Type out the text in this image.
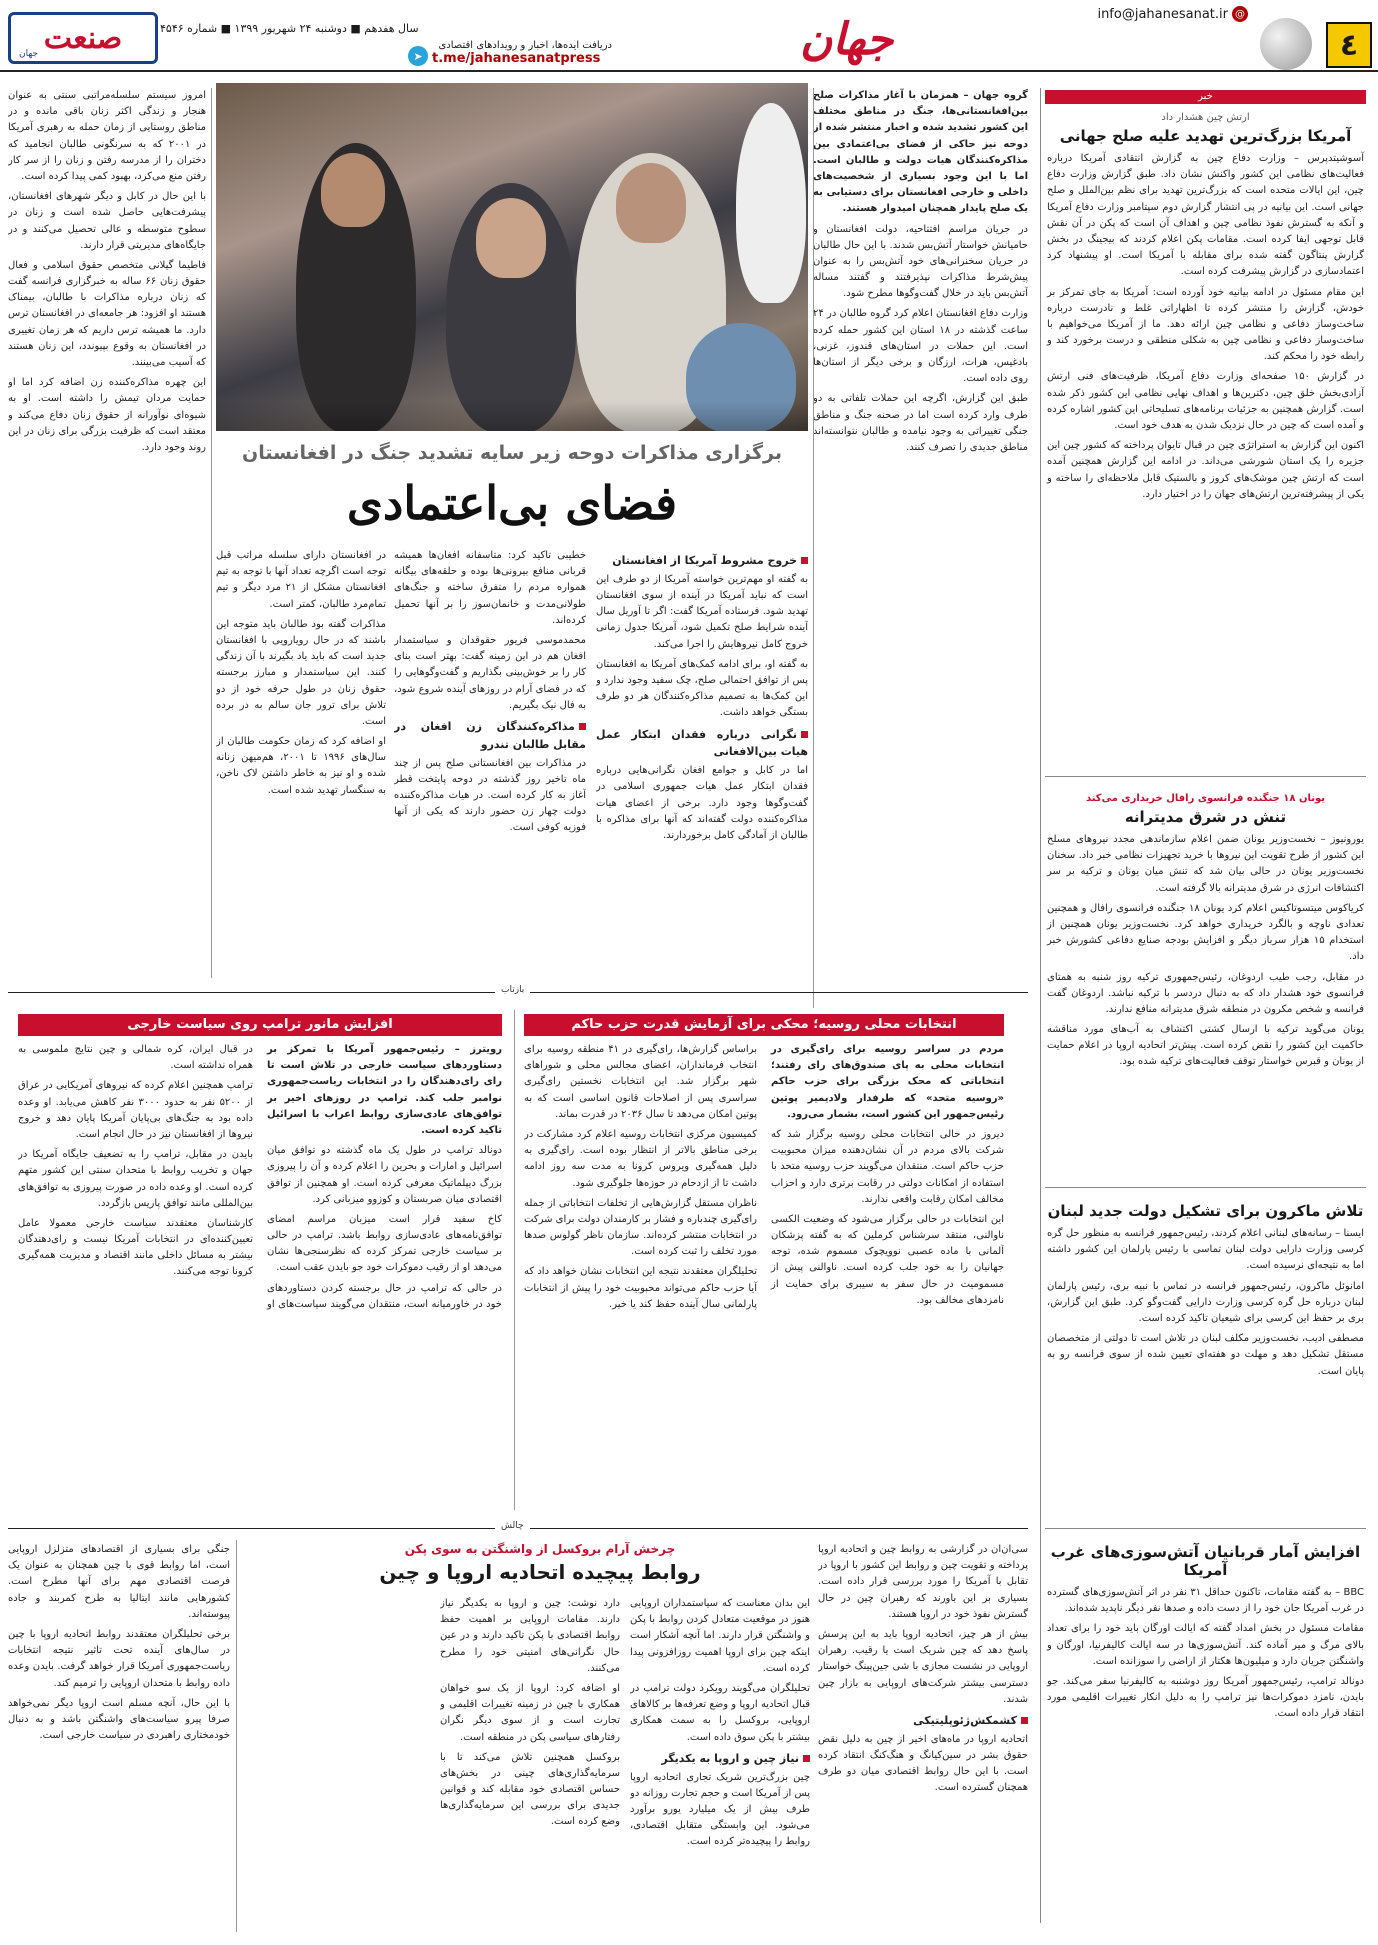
٤
info@jahanesanat.ir @
جهان
➤
دریافت ایده‌ها، اخبار و رویدادهای اقتصادی
t.me/jahanesanatpress
سال هفدهم ■ دوشنبه ۲۴ شهریور ۱۳۹۹ ■ شماره ۴۵۴۶
صنعت
جهان
خبر
ارتش چین هشدار داد
آمریکا بزرگ‌ترین تهدید علیه صلح جهانی

آسوشیتدپرس – وزارت دفاع چین به گزارش انتقادی آمریکا درباره فعالیت‌های نظامی این کشور واکنش نشان داد. طبق گزارش وزارت دفاع چین، این ایالات متحده است که بزرگ‌ترین تهدید برای نظم بین‌الملل و صلح جهانی است. این بیانیه در پی انتشار گزارش دوم سپتامبر وزارت دفاع آمریکا و آنکه به گسترش نفوذ نظامی چین و اهداف آن است که پکن در آن نقش قابل توجهی ایفا کرده است. مقامات پکن اعلام کردند که بیجینگ در بخش گزارش پنتاگون گفته شده برای مقابله با آمریکا است. او پیشنهاد کرد اعتمادسازی در گزارش پیشرفت کرده است.

این مقام مسئول در ادامه بیانیه خود آورده است: آمریکا به جای تمرکز بر خودش، گزارش را منتشر کرده تا اظهاراتی غلط و نادرست درباره ساخت‌وساز دفاعی و نظامی چین ارائه دهد. ما از آمریکا می‌خواهیم با ساخت‌وساز دفاعی و نظامی چین به شکلی منطقی و درست برخورد کند و رابطه خود را محکم کند.

در گزارش ۱۵۰ صفحه‌ای وزارت دفاع آمریکا، ظرفیت‌های فنی ارتش آزادی‌بخش خلق چین، دکترین‌ها و اهداف نهایی نظامی این کشور ذکر شده است. گزارش همچنین به جزئیات برنامه‌های تسلیحاتی این کشور اشاره کرده و آمده است که چین در حال نزدیک شدن به هدف خود است.

اکنون این گزارش به استراتژی چین در قبال تایوان پرداخته که کشور چین این جزیره را یک استان شورشی می‌داند. در ادامه این گزارش همچنین آمده است که ارتش چین موشک‌های کروز و بالستیک قابل ملاحظه‌ای را ساخته و یکی از پیشرفته‌ترین ارتش‌های جهان را در اختیار دارد.

یونان ۱۸ جنگنده فرانسوی رافال خریداری می‌کند
تنش در شرق مدیترانه

یورونیوز – نخست‌وزیر یونان ضمن اعلام سازماندهی مجدد نیروهای مسلح این کشور از طرح تقویت این نیروها با خرید تجهیزات نظامی خبر داد. سخنان نخست‌وزیر یونان در حالی بیان شد که تنش میان یونان و ترکیه بر سر اکتشافات انرژی در شرق مدیترانه بالا گرفته است.

کریاکوس میتسوتاکیس اعلام کرد یونان ۱۸ جنگنده فرانسوی رافال و همچنین تعدادی ناوچه و بالگرد خریداری خواهد کرد. نخست‌وزیر یونان همچنین از استخدام ۱۵ هزار سرباز دیگر و افزایش بودجه صنایع دفاعی کشورش خبر داد.

در مقابل، رجب طیب اردوغان، رئیس‌جمهوری ترکیه روز شنبه به همتای فرانسوی خود هشدار داد که به دنبال دردسر با ترکیه نباشد. اردوغان گفت فرانسه و شخص مکرون در منطقه شرق مدیترانه منافع ندارند.

یونان می‌گوید ترکیه با ارسال کشتی اکتشاف به آب‌های مورد مناقشه حاکمیت این کشور را نقض کرده است. پیش‌تر اتحادیه اروپا در اعلام حمایت از یونان و قبرس خواستار توقف فعالیت‌های ترکیه شده بود.

تلاش ماکرون برای تشکیل دولت جدید لبنان

ایسنا – رسانه‌های لبنانی اعلام کردند، رئیس‌جمهور فرانسه به منظور حل گره کرسی وزارت دارایی دولت لبنان تماسی با رئیس پارلمان این کشور داشته اما به نتیجه‌ای نرسیده است.

امانوئل ماکرون، رئیس‌جمهور فرانسه در تماس با نبیه بری، رئیس پارلمان لبنان درباره حل گره کرسی وزارت دارایی گفت‌وگو کرد. طبق این گزارش، بری بر حفظ این کرسی برای شیعیان تاکید کرده است.

مصطفی ادیب، نخست‌وزیر مکلف لبنان در تلاش است تا دولتی از متخصصان مستقل تشکیل دهد و مهلت دو هفته‌ای تعیین شده از سوی فرانسه رو به پایان است.

افزایش آمار قربانیان آتش‌سوزی‌های غرب آمریکا

BBC – به گفته مقامات، تاکنون حداقل ۳۱ نفر در اثر آتش‌سوزی‌های گسترده در غرب آمریکا جان خود را از دست داده و صدها نفر دیگر ناپدید شده‌اند.

مقامات مسئول در بخش امداد گفته که ایالت اورگان باید خود را برای تعداد بالای مرگ و میر آماده کند. آتش‌سوزی‌ها در سه ایالت کالیفرنیا، اورگان و واشنگتن جریان دارد و میلیون‌ها هکتار از اراضی را سوزانده است.

دونالد ترامپ، رئیس‌جمهور آمریکا روز دوشنبه به کالیفرنیا سفر می‌کند. جو بایدن، نامزد دموکرات‌ها نیز ترامپ را به دلیل انکار تغییرات اقلیمی مورد انتقاد قرار داده است.

گروه جهان – همزمان با آغاز مذاکرات صلح بین‌افغانستانی‌ها، جنگ در مناطق مختلف این کشور تشدید شده و اخبار منتشر شده از دوحه نیز حاکی از فضای بی‌اعتمادی بین مذاکره‌کنندگان هیات دولت و طالبان است. اما با این وجود بسیاری از شخصیت‌های داخلی و خارجی افغانستان برای دستیابی به یک صلح پایدار همچنان امیدوار هستند.

در جریان مراسم افتتاحیه، دولت افغانستان و حامیانش خواستار آتش‌بس شدند. با این حال طالبان در جریان سخنرانی‌های خود آتش‌بس را به عنوان پیش‌شرط مذاکرات نپذیرفتند و گفتند مساله آتش‌بس باید در خلال گفت‌وگوها مطرح شود.

وزارت دفاع افغانستان اعلام کرد گروه طالبان در ۲۴ ساعت گذشته در ۱۸ استان این کشور حمله کرده است. این حملات در استان‌های قندوز، غزنی، بادغیس، هرات، ارزگان و برخی دیگر از استان‌ها روی داده است.

طبق این گزارش، اگرچه این حملات تلفاتی به دو طرف وارد کرده است اما در صحنه جنگ و مناطق جنگی تغییراتی به وجود نیامده و طالبان نتوانسته‌اند مناطق جدیدی را تصرف کنند.

برگزاری مذاکرات دوحه زیر سایه تشدید جنگ در افغانستان
فضای بی‌اعتمادی
خروج مشروط آمریکا از افغانستان

به گفته او مهم‌ترین خواسته آمریکا از دو طرف این است که نباید آمریکا در آینده از سوی افغانستان تهدید شود. فرستاده آمریکا گفت: اگر تا آوریل سال آینده شرایط صلح تکمیل شود، آمریکا جدول زمانی خروج کامل نیروهایش را اجرا می‌کند.

به گفته او، برای ادامه کمک‌های آمریکا به افغانستان پس از توافق احتمالی صلح، چک سفید وجود ندارد و این کمک‌ها به تصمیم مذاکره‌کنندگان هر دو طرف بستگی خواهد داشت.

نگرانی درباره فقدان ابتکار عمل هیات بین‌الافغانی

اما در کابل و جوامع افغان نگرانی‌هایی درباره فقدان ابتکار عمل هیات جمهوری اسلامی در گفت‌وگوها وجود دارد. برخی از اعضای هیات مذاکره‌کننده دولت گفته‌اند که آنها برای مذاکره با طالبان از آمادگی کامل برخوردارند.

خطیبی تاکید کرد: متاسفانه افغان‌ها همیشه قربانی منافع بیرونی‌ها بوده و حلقه‌های بیگانه همواره مردم را متفرق ساخته و جنگ‌های طولانی‌مدت و خانمان‌سوز را بر آنها تحمیل کرده‌اند.

محمدموسی فریور حقوقدان و سیاستمدار افغان هم در این زمینه گفت: بهتر است بنای کار را بر خوش‌بینی بگذاریم و گفت‌وگوهایی را که در فضای آرام در روزهای آینده شروع شود، به فال نیک بگیریم.

مذاکره‌کنندگان زن افغان در مقابل طالبان تندرو

در مذاکرات بین افغانستانی صلح پس از چند ماه تاخیر روز گذشته در دوحه پایتخت قطر آغاز به کار کرده است. در هیات مذاکره‌کننده دولت چهار زن حضور دارند که یکی از آنها فوزیه کوفی است.

در افغانستان دارای سلسله مراتب قبل توجه است اگرچه تعداد آنها با توجه به تیم افغانستان مشکل از ۲۱ مرد دیگر و تیم تمام‌مرد طالبان، کمتر است.

مذاکرات گفته بود طالبان باید متوجه این باشند که در حال رویارویی با افغانستان جدید است که باید یاد بگیرند با آن زندگی کنند. این سیاستمدار و مبارز برجسته حقوق زنان در طول حرفه خود از دو تلاش برای ترور جان سالم به در برده است.

او اضافه کرد که زمان حکومت طالبان از سال‌های ۱۹۹۶ تا ۲۰۰۱، هم‌میهن زنانه شده و او نیز به خاطر داشتن لاک ناخن، به سنگسار تهدید شده است.

امروز سیستم سلسله‌مراتبی سنتی به عنوان هنجار و زندگی اکثر زنان باقی مانده و در مناطق روستایی از زمان حمله به رهبری آمریکا در ۲۰۰۱ که به سرنگونی طالبان انجامید که دختران را از مدرسه رفتن و زنان را از سر کار رفتن منع می‌کرد، بهبود کمی پیدا کرده است.

با این حال در کابل و دیگر شهرهای افغانستان، پیشرفت‌هایی حاصل شده است و زنان در سطوح متوسطه و عالی تحصیل می‌کنند و در جایگاه‌های مدیریتی قرار دارند.

فاطیما گیلانی متخصص حقوق اسلامی و فعال حقوق زنان ۶۶ ساله به خبرگزاری فرانسه گفت که زنان درباره مذاکرات با طالبان، بیمناک هستند او افزود: هر جامعه‌ای در افغانستان ترس دارد. ما همیشه ترس داریم که هر زمان تغییری در افغانستان به وقوع بپیوندد، این زنان هستند که آسیب می‌بینند.

این چهره مذاکره‌کننده زن اضافه کرد اما او حمایت مردان تیمش را داشته است. او به شیوه‌ای نوآورانه از حقوق زنان دفاع می‌کند و معتقد است که ظرفیت بزرگی برای زنان در این روند وجود دارد.

بازتاب
انتخابات محلی روسیه؛ محکی برای آزمایش قدرت حزب حاکم

مردم در سراسر روسیه برای رای‌گیری در انتخابات محلی به پای صندوق‌های رای رفتند؛ انتخاباتی که محک بزرگی برای حزب حاکم «روسیه متحد» که طرفدار ولادیمیر پوتین رئیس‌جمهور این کشور است، بشمار می‌رود.

دیروز در حالی انتخابات محلی روسیه برگزار شد که شرکت بالای مردم در آن نشان‌دهنده میزان محبوبیت حزب حاکم است. منتقدان می‌گویند حزب روسیه متحد با استفاده از امکانات دولتی در رقابت برتری دارد و احزاب مخالف امکان رقابت واقعی ندارند.

این انتخابات در حالی برگزار می‌شود که وضعیت الکسی ناوالنی، منتقد سرشناس کرملین که به گفته پزشکان آلمانی با ماده عصبی نوویچوک مسموم شده، توجه جهانیان را به خود جلب کرده است. ناوالنی پیش از مسمومیت در حال سفر به سیبری برای حمایت از نامزدهای مخالف بود.

براساس گزارش‌ها، رای‌گیری در ۴۱ منطقه روسیه برای انتخاب فرمانداران، اعضای مجالس محلی و شوراهای شهر برگزار شد. این انتخابات نخستین رای‌گیری سراسری پس از اصلاحات قانون اساسی است که به پوتین امکان می‌دهد تا سال ۲۰۳۶ در قدرت بماند.

کمیسیون مرکزی انتخابات روسیه اعلام کرد مشارکت در برخی مناطق بالاتر از انتظار بوده است. رای‌گیری به دلیل همه‌گیری ویروس کرونا به مدت سه روز ادامه داشت تا از ازدحام در حوزه‌ها جلوگیری شود.

ناظران مستقل گزارش‌هایی از تخلفات انتخاباتی از جمله رای‌گیری چندباره و فشار بر کارمندان دولت برای شرکت در انتخابات منتشر کرده‌اند. سازمان ناظر گولوس صدها مورد تخلف را ثبت کرده است.

تحلیلگران معتقدند نتیجه این انتخابات نشان خواهد داد که آیا حزب حاکم می‌تواند محبوبیت خود را پیش از انتخابات پارلمانی سال آینده حفظ کند یا خیر.

افزایش مانور ترامپ روی سیاست خارجی

رویترز – رئیس‌جمهور آمریکا با تمرکز بر دستاوردهای سیاست خارجی در تلاش است تا رای رای‌دهندگان را در انتخابات ریاست‌جمهوری نوامبر جلب کند. ترامپ در روزهای اخیر بر توافق‌های عادی‌سازی روابط اعراب با اسرائیل تاکید کرده است.

دونالد ترامپ در طول یک ماه گذشته دو توافق میان اسرائیل و امارات و بحرین را اعلام کرده و آن را پیروزی بزرگ دیپلماتیک معرفی کرده است. او همچنین از توافق اقتصادی میان صربستان و کوزوو میزبانی کرد.

کاخ سفید قرار است میزبان مراسم امضای توافق‌نامه‌های عادی‌سازی روابط باشد. ترامپ در حالی بر سیاست خارجی تمرکز کرده که نظرسنجی‌ها نشان می‌دهد او از رقیب دموکرات خود جو بایدن عقب است.

در حالی که ترامپ در حال برجسته کردن دستاوردهای خود در خاورمیانه است، منتقدان می‌گویند سیاست‌های او در قبال ایران، کره شمالی و چین نتایج ملموسی به همراه نداشته است.

ترامپ همچنین اعلام کرده که نیروهای آمریکایی در عراق از ۵۲۰۰ نفر به حدود ۳۰۰۰ نفر کاهش می‌یابد. او وعده داده بود به جنگ‌های بی‌پایان آمریکا پایان دهد و خروج نیروها از افغانستان نیز در حال انجام است.

بایدن در مقابل، ترامپ را به تضعیف جایگاه آمریکا در جهان و تخریب روابط با متحدان سنتی این کشور متهم کرده است. او وعده داده در صورت پیروزی به توافق‌های بین‌المللی مانند توافق پاریس بازگردد.

کارشناسان معتقدند سیاست خارجی معمولا عامل تعیین‌کننده‌ای در انتخابات آمریکا نیست و رای‌دهندگان بیشتر به مسائل داخلی مانند اقتصاد و مدیریت همه‌گیری کرونا توجه می‌کنند.

چالش
چرخش آرام بروکسل از واشنگتن به سوی پکن
روابط پیچیده اتحادیه اروپا و چین

سی‌ان‌ان در گزارشی به روابط چین و اتحادیه اروپا پرداخته و تقویت چین و روابط این کشور با اروپا در تقابل با آمریکا را مورد بررسی قرار داده است. بسیاری بر این باورند که رهبران چین در حال گسترش نفوذ خود در اروپا هستند.

بیش از هر چیز، اتحادیه اروپا باید به این پرسش پاسخ دهد که چین شریک است یا رقیب. رهبران اروپایی در نشست مجازی با شی جین‌پینگ خواستار دسترسی بیشتر شرکت‌های اروپایی به بازار چین شدند.

کشمکش‌ژئوپلیتیکی

اتحادیه اروپا در ماه‌های اخیر از چین به دلیل نقض حقوق بشر در سین‌کیانگ و هنگ‌کنگ انتقاد کرده است. با این حال روابط اقتصادی میان دو طرف همچنان گسترده است.

این بدان معناست که سیاستمداران اروپایی هنوز در موقعیت متعادل کردن روابط با پکن و واشنگتن قرار دارند. اما آنچه آشکار است اینکه چین برای اروپا اهمیت روزافزونی پیدا کرده است.

تحلیلگران می‌گویند رویکرد دولت ترامپ در قبال اتحادیه اروپا و وضع تعرفه‌ها بر کالاهای اروپایی، بروکسل را به سمت همکاری بیشتر با پکن سوق داده است.

نیاز چین و اروپا به یکدیگر

چین بزرگ‌ترین شریک تجاری اتحادیه اروپا پس از آمریکا است و حجم تجارت روزانه دو طرف بیش از یک میلیارد یورو برآورد می‌شود. این وابستگی متقابل اقتصادی، روابط را پیچیده‌تر کرده است.

دارد نوشت: چین و اروپا به یکدیگر نیاز دارند. مقامات اروپایی بر اهمیت حفظ روابط اقتصادی با پکن تاکید دارند و در عین حال نگرانی‌های امنیتی خود را مطرح می‌کنند.

او اضافه کرد: اروپا از یک سو خواهان همکاری با چین در زمینه تغییرات اقلیمی و تجارت است و از سوی دیگر نگران رفتارهای سیاسی پکن در منطقه است.

بروکسل همچنین تلاش می‌کند تا با سرمایه‌گذاری‌های چینی در بخش‌های حساس اقتصادی خود مقابله کند و قوانین جدیدی برای بررسی این سرمایه‌گذاری‌ها وضع کرده است.

جنگی برای بسیاری از اقتصادهای متزلزل اروپایی است، اما روابط قوی با چین همچنان به عنوان یک فرصت اقتصادی مهم برای آنها مطرح است. کشورهایی مانند ایتالیا به طرح کمربند و جاده پیوسته‌اند.

برخی تحلیلگران معتقدند روابط اتحادیه اروپا با چین در سال‌های آینده تحت تاثیر نتیجه انتخابات ریاست‌جمهوری آمریکا قرار خواهد گرفت. بایدن وعده داده روابط با متحدان اروپایی را ترمیم کند.

با این حال، آنچه مسلم است اروپا دیگر نمی‌خواهد صرفا پیرو سیاست‌های واشنگتن باشد و به دنبال خودمختاری راهبردی در سیاست خارجی است.
